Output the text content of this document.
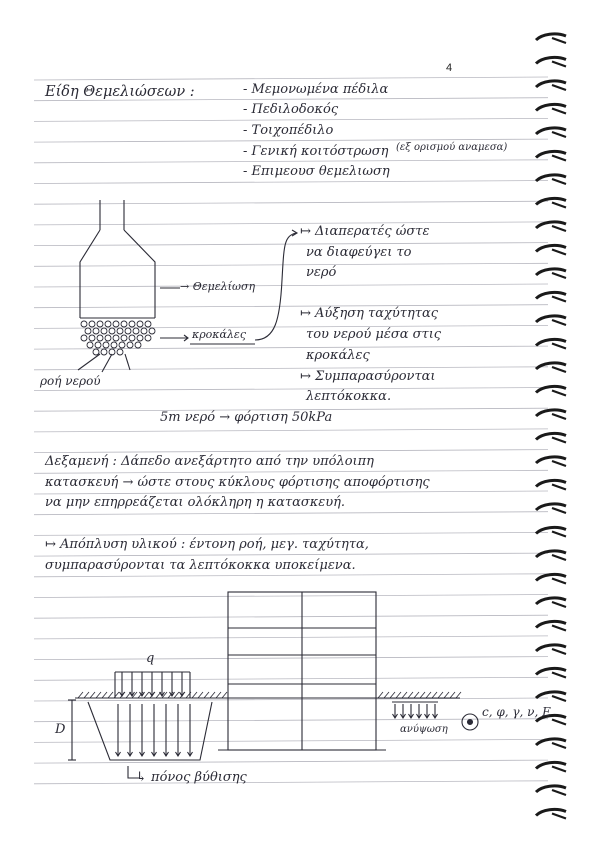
4
Είδη Θεμελιώσεων :	- Μεμονωμένα πέδιλα
- Πεδιλοδοκός
- Τοιχοπέδιλο
- Γενική κοιτόστρωση
- Επιμεουσ θεμελιωση
(εξ ορισμού αναμεσα)
→ Θεμελίωση
κροκάλες
ροή νερού
↦ Διαπερατές ώστε
να διαφεύγει το
νερό
↦ Αύξηση ταχύτητας
του νερού μέσα στις
κροκάλες
↦ Συμπαρασύρονται
λεπτόκοκκα.
5m νερό → φόρτιση 50kPa
Δεξαμενή : Δάπεδο ανεξάρτητο από την υπόλοιπη
κατασκευή → ώστε στους κύκλους φόρτισης αποφόρτισης
να μην επηρρεάζεται ολόκληρη η κατασκευή.
↦ Απόπλυση υλικού : έντονη ροή, μεγ. ταχύτητα,
συμπαρασύρονται τα λεπτόκοκκα υποκείμενα.
q
D
c, φ, γ, ν, E
ανύψωση
↳ πόνος βύθισης
